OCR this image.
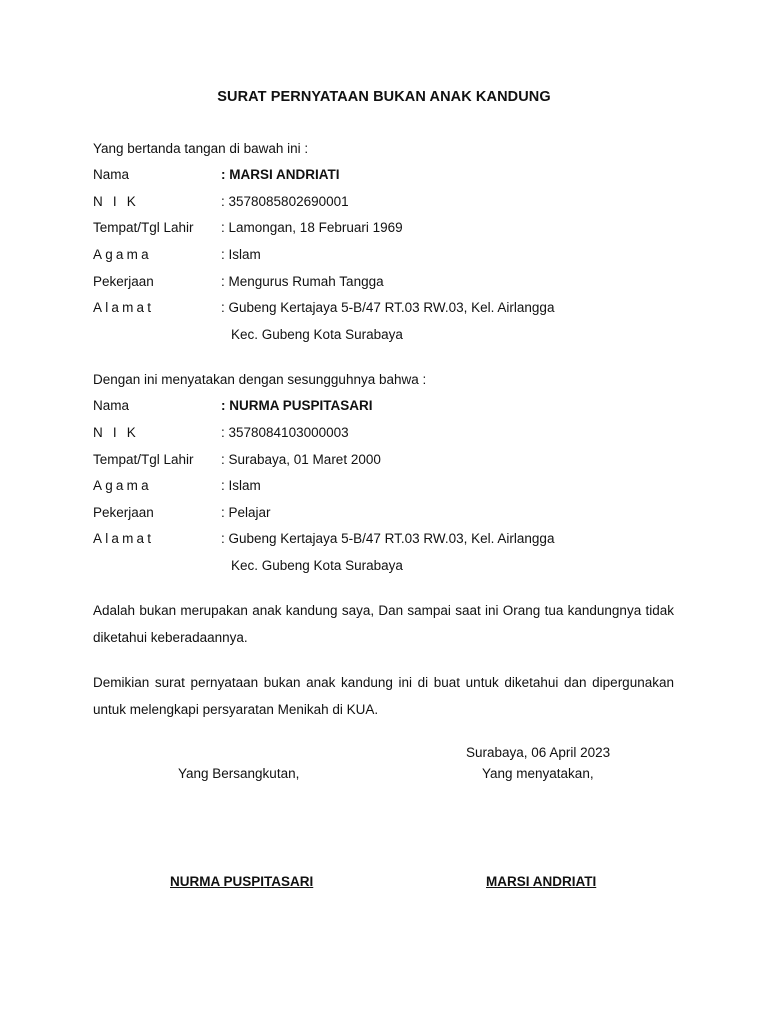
SURAT PERNYATAAN BUKAN ANAK KANDUNG
Yang bertanda tangan di bawah ini :
Nama	: MARSI ANDRIATI
N I K	: 3578085802690001
Tempat/Tgl Lahir : Lamongan, 18 Februari 1969
Agama	: Islam
Pekerjaan	: Mengurus Rumah Tangga
Alamat	: Gubeng Kertajaya 5-B/47 RT.03 RW.03, Kel. Airlangga
Kec. Gubeng Kota Surabaya
Dengan ini menyatakan dengan sesungguhnya bahwa :
Nama	: NURMA PUSPITASARI
N I K	: 3578084103000003
Tempat/Tgl Lahir : Surabaya, 01 Maret 2000
Agama	: Islam
Pekerjaan	: Pelajar
Alamat	: Gubeng Kertajaya 5-B/47 RT.03 RW.03, Kel. Airlangga
Kec. Gubeng Kota Surabaya
Adalah bukan merupakan anak kandung saya, Dan sampai saat ini Orang tua kandungnya tidak diketahui keberadaannya.
Demikian surat pernyataan bukan anak kandung ini di buat untuk diketahui dan dipergunakan untuk melengkapi persyaratan Menikah di KUA.
Surabaya, 06 April 2023
Yang Bersangkutan,	Yang menyatakan,
NURMA PUSPITASARI	MARSI ANDRIATI
